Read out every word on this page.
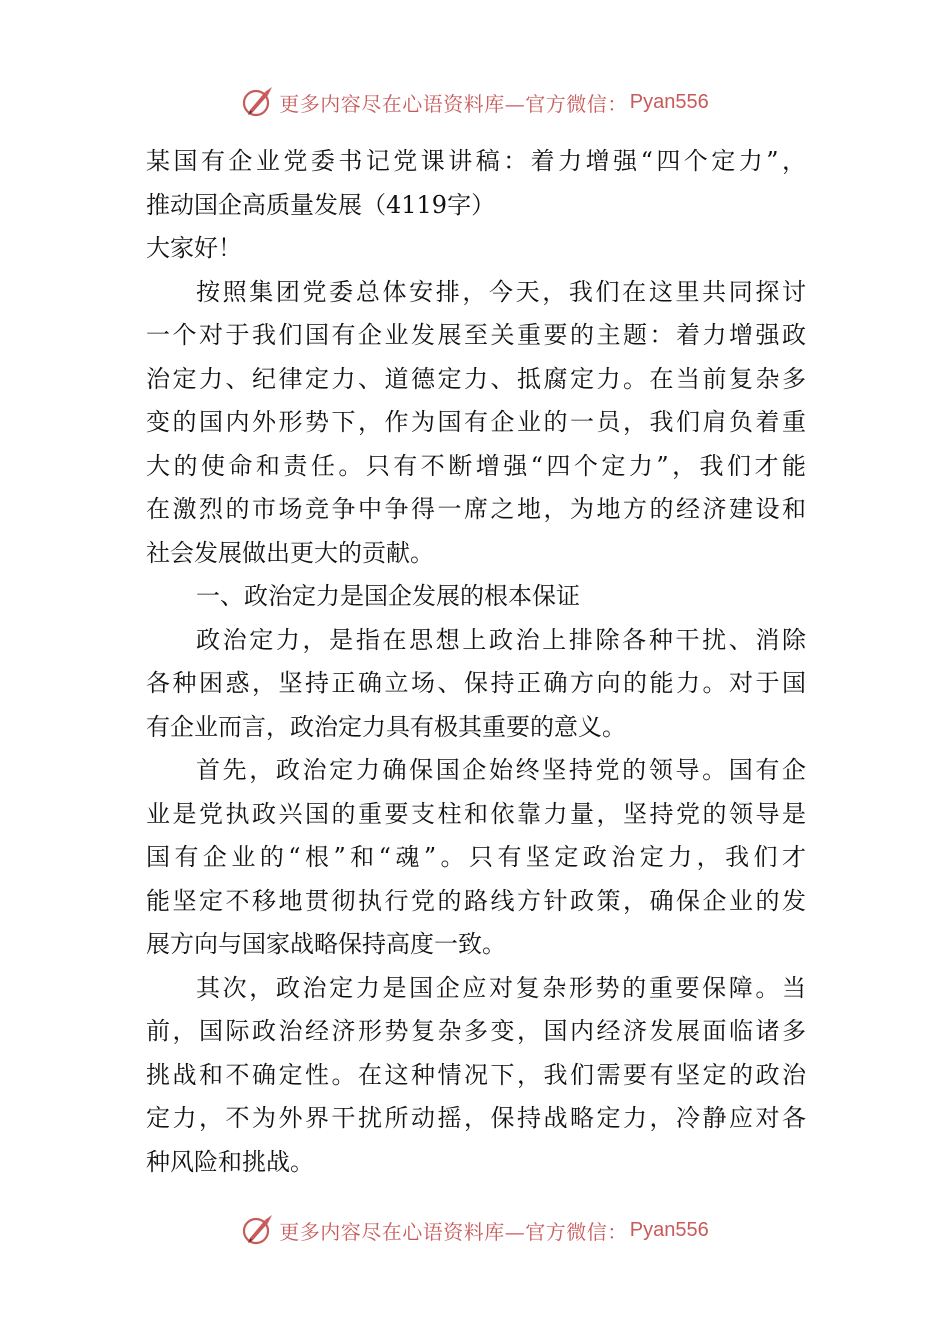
更多内容尽在心语资料库—官方微信： Pyan556
某国有企业党委书记党课讲稿：着力增强“四个定力”，
推动国企高质量发展（4119字）
大家好！
按照集团党委总体安排，今天，我们在这里共同探讨
一个对于我们国有企业发展至关重要的主题：着力增强政
治定力、纪律定力、道德定力、抵腐定力。在当前复杂多
变的国内外形势下，作为国有企业的一员，我们肩负着重
大的使命和责任。只有不断增强“四个定力”，我们才能
在激烈的市场竞争中争得一席之地，为地方的经济建设和
社会发展做出更大的贡献。
一、政治定力是国企发展的根本保证
政治定力，是指在思想上政治上排除各种干扰、消除
各种困惑，坚持正确立场、保持正确方向的能力。对于国
有企业而言，政治定力具有极其重要的意义。
首先，政治定力确保国企始终坚持党的领导。国有企
业是党执政兴国的重要支柱和依靠力量，坚持党的领导是
国有企业的“根”和“魂”。只有坚定政治定力，我们才
能坚定不移地贯彻执行党的路线方针政策，确保企业的发
展方向与国家战略保持高度一致。
其次，政治定力是国企应对复杂形势的重要保障。当
前，国际政治经济形势复杂多变，国内经济发展面临诸多
挑战和不确定性。在这种情况下，我们需要有坚定的政治
定力，不为外界干扰所动摇，保持战略定力，冷静应对各
种风险和挑战。
更多内容尽在心语资料库—官方微信： Pyan556
